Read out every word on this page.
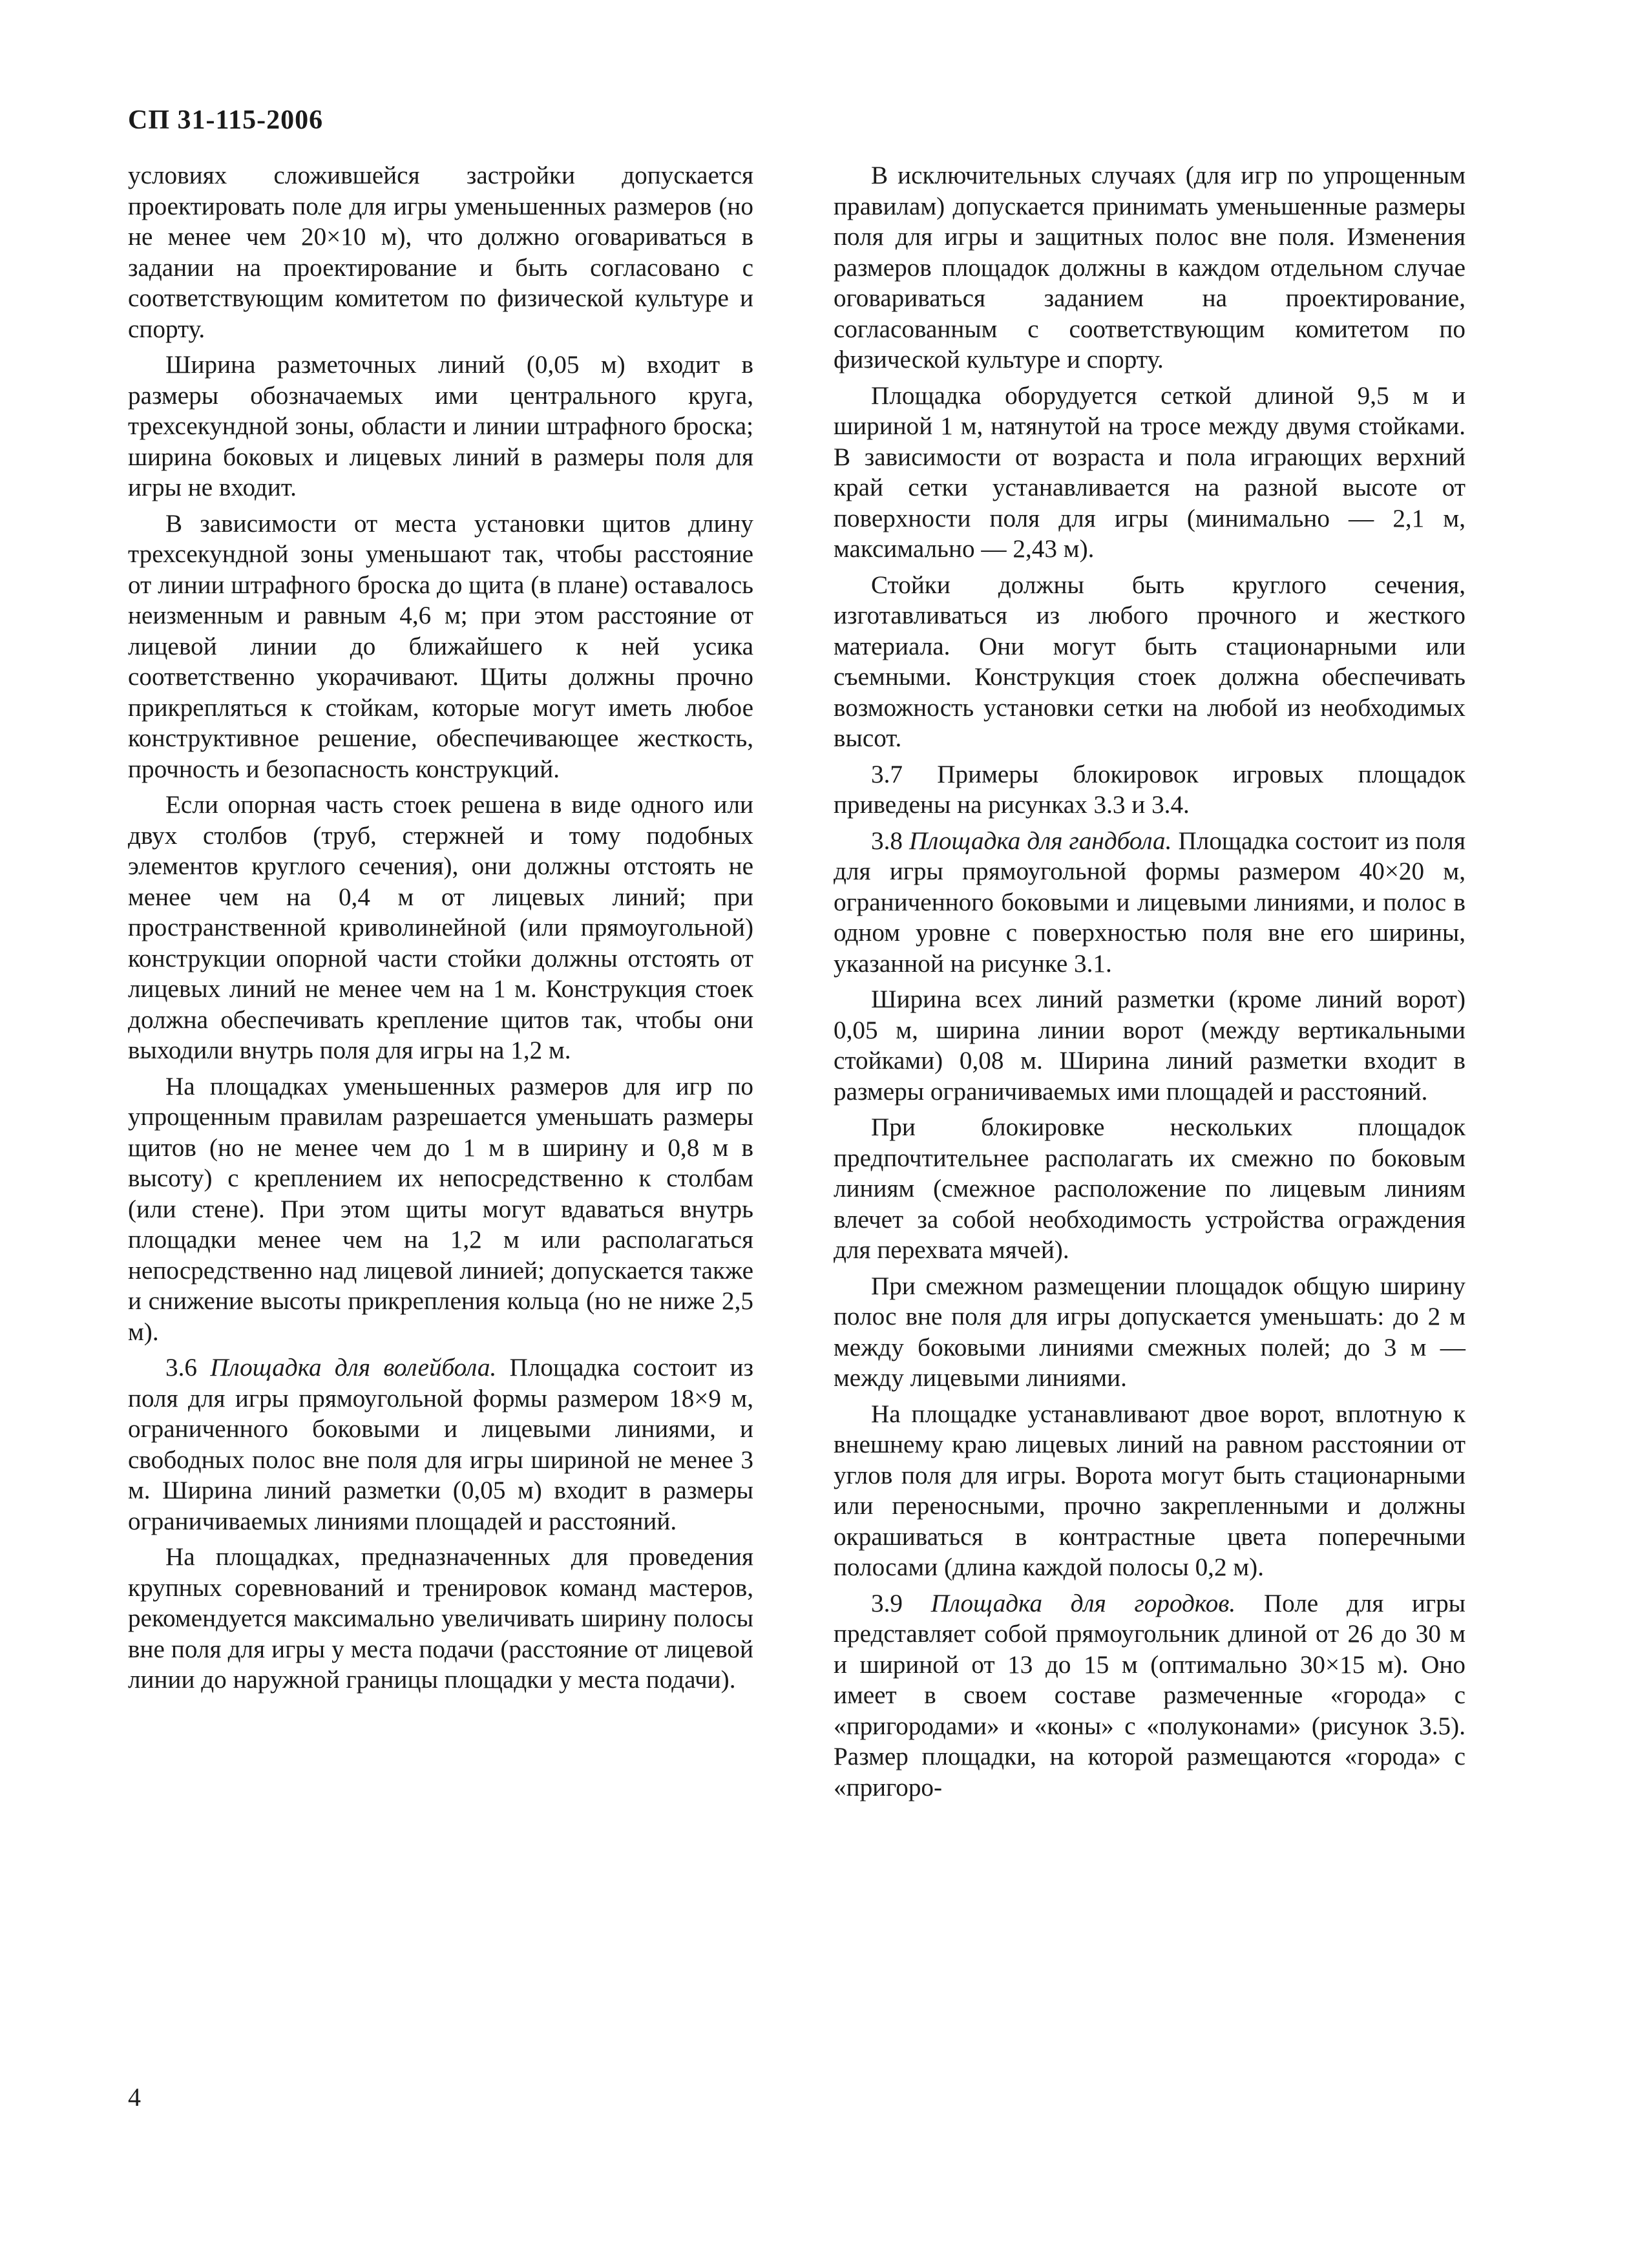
СП 31-115-2006

условиях сложившейся застройки допускается проектировать поле для игры уменьшенных размеров (но не менее чем 20×10 м), что должно оговариваться в задании на проектирование и быть согласовано с соответствующим комитетом по физической культуре и спорту.

Ширина разметочных линий (0,05 м) входит в размеры обозначаемых ими центрального круга, трехсекундной зоны, области и линии штрафного броска; ширина боковых и лицевых линий в размеры поля для игры не входит.

В зависимости от места установки щитов длину трехсекундной зоны уменьшают так, чтобы расстояние от линии штрафного броска до щита (в плане) оставалось неизменным и равным 4,6 м; при этом расстояние от лицевой линии до ближайшего к ней усика соответственно укорачивают. Щиты должны прочно прикрепляться к стойкам, которые могут иметь любое конструктивное решение, обеспечивающее жесткость, прочность и безопасность конструкций.

Если опорная часть стоек решена в виде одного или двух столбов (труб, стержней и тому подобных элементов круглого сечения), они должны отстоять не менее чем на 0,4 м от лицевых линий; при пространственной криволинейной (или прямоугольной) конструкции опорной части стойки должны отстоять от лицевых линий не менее чем на 1 м. Конструкция стоек должна обеспечивать крепление щитов так, чтобы они выходили внутрь поля для игры на 1,2 м.

На площадках уменьшенных размеров для игр по упрощенным правилам разрешается уменьшать размеры щитов (но не менее чем до 1 м в ширину и 0,8 м в высоту) с креплением их непосредственно к столбам (или стене). При этом щиты могут вдаваться внутрь площадки менее чем на 1,2 м или располагаться непосредственно над лицевой линией; допускается также и снижение высоты прикрепления кольца (но не ниже 2,5 м).

3.6 Площадка для волейбола. Площадка состоит из поля для игры прямоугольной формы размером 18×9 м, ограниченного боковыми и лицевыми линиями, и свободных полос вне поля для игры шириной не менее 3 м. Ширина линий разметки (0,05 м) входит в размеры ограничиваемых линиями площадей и расстояний.

На площадках, предназначенных для проведения крупных соревнований и тренировок команд мастеров, рекомендуется максимально увеличивать ширину полосы вне поля для игры у места подачи (расстояние от лицевой линии до наружной границы площадки у места подачи).

В исключительных случаях (для игр по упрощенным правилам) допускается принимать уменьшенные размеры поля для игры и защитных полос вне поля. Изменения размеров площадок должны в каждом отдельном случае оговариваться заданием на проектирование, согласованным с соответствующим комитетом по физической культуре и спорту.

Площадка оборудуется сеткой длиной 9,5 м и шириной 1 м, натянутой на тросе между двумя стойками. В зависимости от возраста и пола играющих верхний край сетки устанавливается на разной высоте от поверхности поля для игры (минимально — 2,1 м, максимально — 2,43 м).

Стойки должны быть круглого сечения, изготавливаться из любого прочного и жесткого материала. Они могут быть стационарными или съемными. Конструкция стоек должна обеспечивать возможность установки сетки на любой из необходимых высот.

3.7 Примеры блокировок игровых площадок приведены на рисунках 3.3 и 3.4.

3.8 Площадка для гандбола. Площадка состоит из поля для игры прямоугольной формы размером 40×20 м, ограниченного боковыми и лицевыми линиями, и полос в одном уровне с поверхностью поля вне его ширины, указанной на рисунке 3.1.

Ширина всех линий разметки (кроме линий ворот) 0,05 м, ширина линии ворот (между вертикальными стойками) 0,08 м. Ширина линий разметки входит в размеры ограничиваемых ими площадей и расстояний.

При блокировке нескольких площадок предпочтительнее располагать их смежно по боковым линиям (смежное расположение по лицевым линиям влечет за собой необходимость устройства ограждения для перехвата мячей).

При смежном размещении площадок общую ширину полос вне поля для игры допускается уменьшать: до 2 м между боковыми линиями смежных полей; до 3 м — между лицевыми линиями.

На площадке устанавливают двое ворот, вплотную к внешнему краю лицевых линий на равном расстоянии от углов поля для игры. Ворота могут быть стационарными или переносными, прочно закрепленными и должны окрашиваться в контрастные цвета поперечными полосами (длина каждой полосы 0,2 м).

3.9 Площадка для городков. Поле для игры представляет собой прямоугольник длиной от 26 до 30 м и шириной от 13 до 15 м (оптимально 30×15 м). Оно имеет в своем составе размеченные «города» с «пригородами» и «коны» с «полуконами» (рисунок 3.5). Размер площадки, на которой размещаются «города» с «пригоро-

4
